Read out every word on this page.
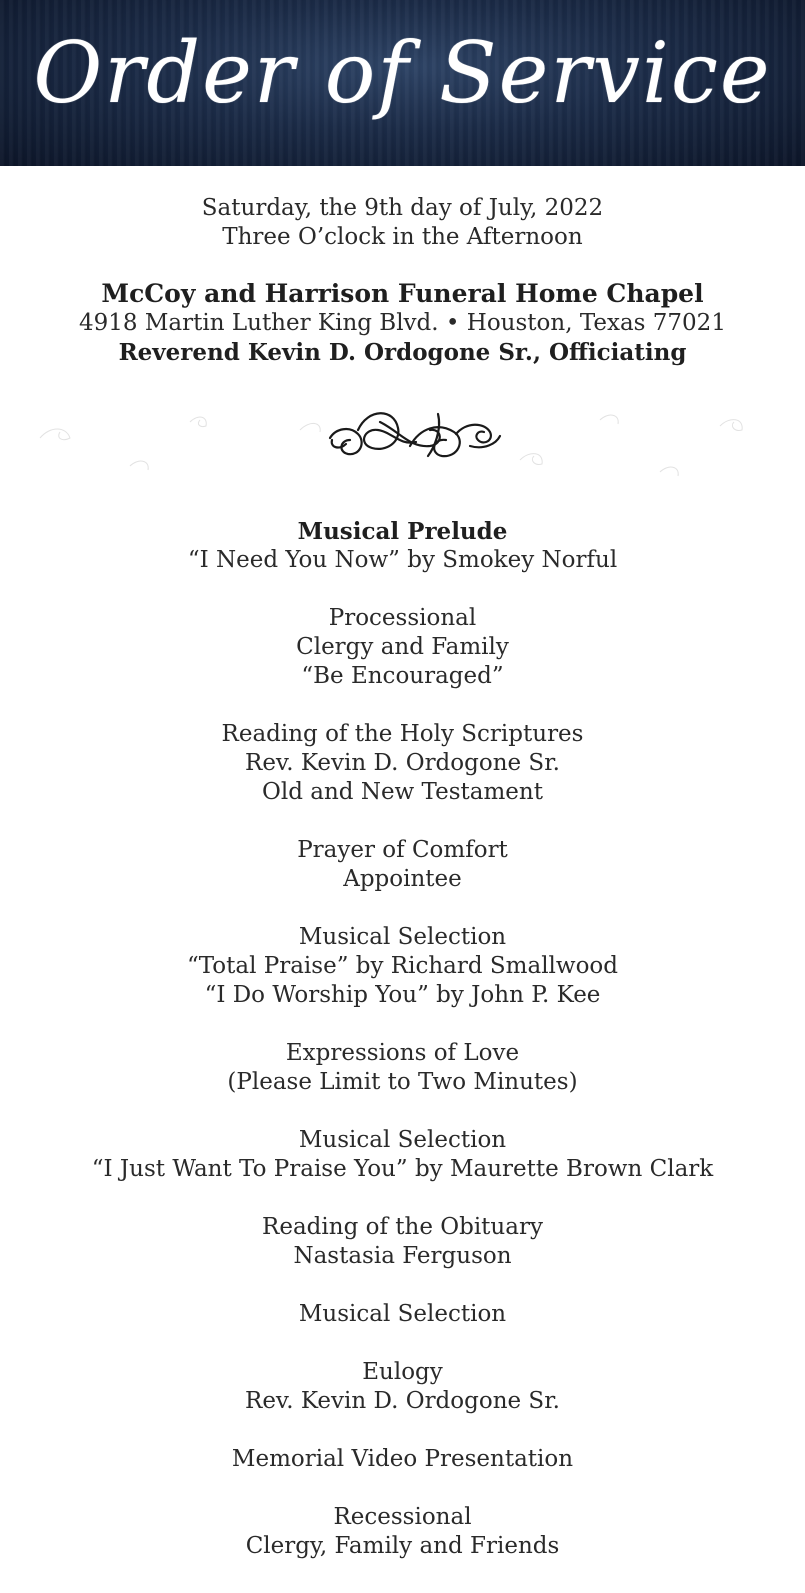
Order of Service
Saturday, the 9th day of July, 2022
Three O’clock in the Afternoon
McCoy and Harrison Funeral Home Chapel
4918 Martin Luther King Blvd. • Houston, Texas 77021
Reverend Kevin D. Ordogone Sr., Officiating
Musical Prelude
“I Need You Now” by Smokey Norful
Processional
Clergy and Family
“Be Encouraged”
Reading of the Holy Scriptures
Rev. Kevin D. Ordogone Sr.
Old and New Testament
Prayer of Comfort
Appointee
Musical Selection
“Total Praise” by Richard Smallwood
“I Do Worship You” by John P. Kee
Expressions of Love
(Please Limit to Two Minutes)
Musical Selection
“I Just Want To Praise You” by Maurette Brown Clark
Reading of the Obituary
Nastasia Ferguson
Musical Selection
Eulogy
Rev. Kevin D. Ordogone Sr.
Memorial Video Presentation
Recessional
Clergy, Family and Friends
